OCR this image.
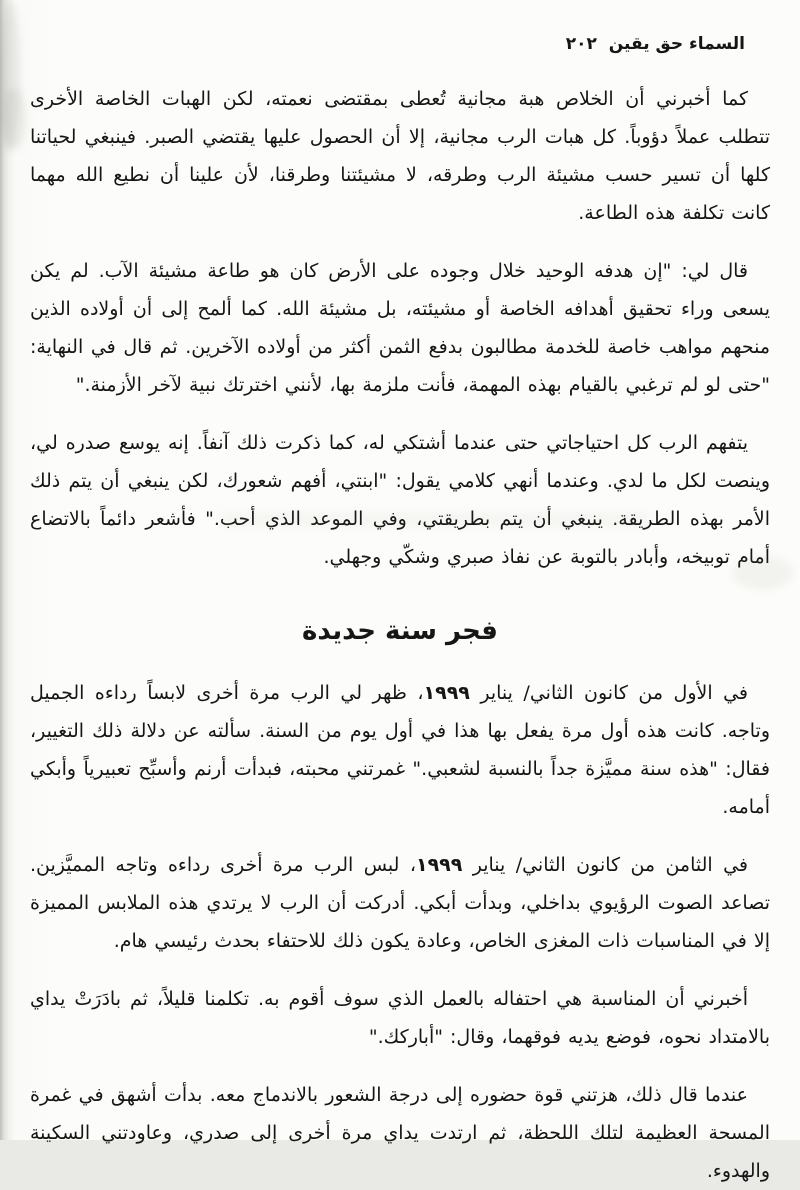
السماء حق يقين ٢٠٢

كما أخبرني أن الخلاص هبة مجانية تُعطى بمقتضى نعمته، لكن الهبات الخاصة الأخرى تتطلب عملاً دؤوباً. كل هبات الرب مجانية، إلا أن الحصول عليها يقتضي الصبر. فينبغي لحياتنا كلها أن تسير حسب مشيئة الرب وطرقه، لا مشيئتنا وطرقنا، لأن علينا أن نطيع الله مهما كانت تكلفة هذه الطاعة.

قال لي: "إن هدفه الوحيد خلال وجوده على الأرض كان هو طاعة مشيئة الآب. لم يكن يسعى وراء تحقيق أهدافه الخاصة أو مشيئته، بل مشيئة الله. كما ألمح إلى أن أولاده الذين منحهم مواهب خاصة للخدمة مطالبون بدفع الثمن أكثر من أولاده الآخرين. ثم قال في النهاية: "حتى لو لم ترغبي بالقيام بهذه المهمة، فأنت ملزمة بها، لأنني اخترتك نبية لآخر الأزمنة."

يتفهم الرب كل احتياجاتي حتى عندما أشتكي له، كما ذكرت ذلك آنفاً. إنه يوسع صدره لي، وينصت لكل ما لدي. وعندما أنهي كلامي يقول: "ابنتي، أفهم شعورك، لكن ينبغي أن يتم ذلك الأمر بهذه الطريقة. ينبغي أن يتم بطريقتي، وفي الموعد الذي أحب." فأشعر دائماً بالاتضاع أمام توبيخه، وأبادر بالتوبة عن نفاذ صبري وشكّي وجهلي.

فجر سنة جديدة

في الأول من كانون الثاني/ يناير ١٩٩٩، ظهر لي الرب مرة أخرى لابساً رداءه الجميل وتاجه. كانت هذه أول مرة يفعل بها هذا في أول يوم من السنة. سألته عن دلالة ذلك التغيير، فقال: "هذه سنة مميَّزة جداً بالنسبة لشعبي." غمرتني محبته، فبدأت أرنم وأسبِّح تعبيرياً وأبكي أمامه.

في الثامن من كانون الثاني/ يناير ١٩٩٩، لبس الرب مرة أخرى رداءه وتاجه المميَّزين. تصاعد الصوت الرؤيوي بداخلي، وبدأت أبكي. أدركت أن الرب لا يرتدي هذه الملابس المميزة إلا في المناسبات ذات المغزى الخاص، وعادة يكون ذلك للاحتفاء بحدث رئيسي هام.

أخبرني أن المناسبة هي احتفاله بالعمل الذي سوف أقوم به. تكلمنا قليلاً، ثم بادَرَتْ يداي بالامتداد نحوه، فوضع يديه فوقهما، وقال: "أباركك."

عندما قال ذلك، هزتني قوة حضوره إلى درجة الشعور بالاندماج معه. بدأت أشهق في غمرة المسحة العظيمة لتلك اللحظة، ثم ارتدت يداي مرة أخرى إلى صدري، وعاودتني السكينة والهدوء.
